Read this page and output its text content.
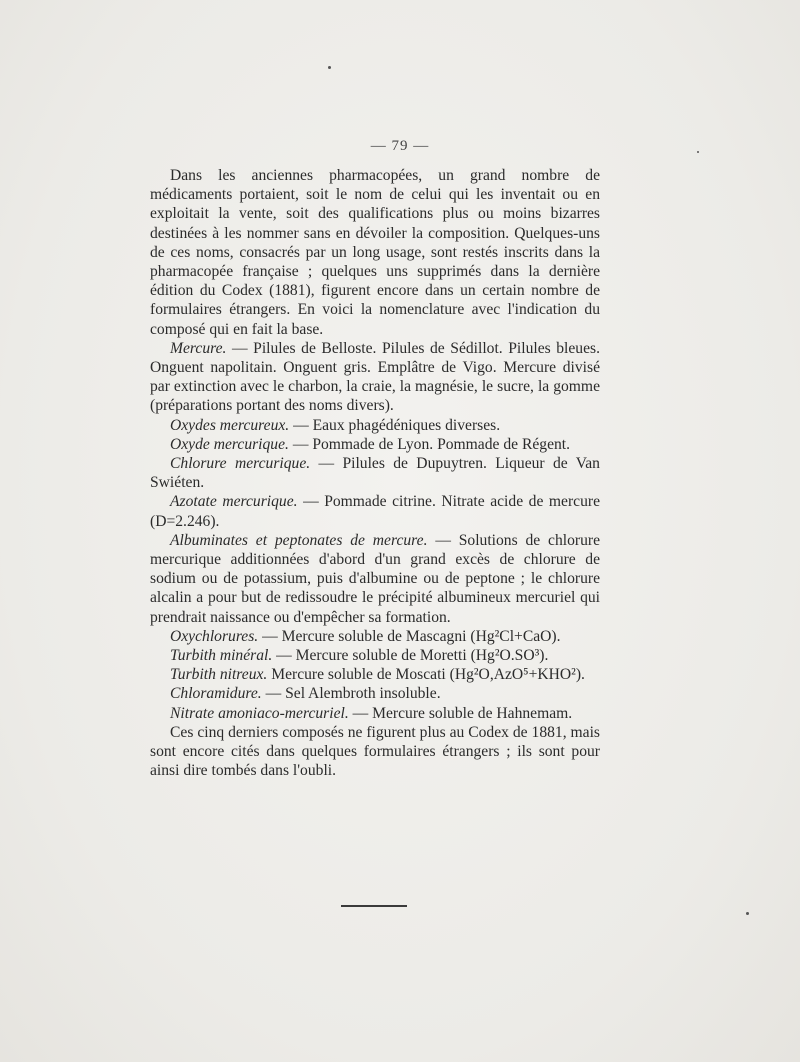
— 79 —

Dans les anciennes pharmacopées, un grand nombre de médicaments portaient, soit le nom de celui qui les inventait ou en exploitait la vente, soit des qualifications plus ou moins bizarres destinées à les nommer sans en dévoiler la composition. Quelques-uns de ces noms, consacrés par un long usage, sont restés inscrits dans la pharmacopée française ; quelques uns supprimés dans la dernière édition du Codex (1881), figurent encore dans un certain nombre de formulaires étrangers. En voici la nomenclature avec l'indication du composé qui en fait la base.

Mercure. — Pilules de Belloste. Pilules de Sédillot. Pilules bleues. Onguent napolitain. Onguent gris. Emplâtre de Vigo. Mercure divisé par extinction avec le charbon, la craie, la magnésie, le sucre, la gomme (préparations portant des noms divers).

Oxydes mercureux. — Eaux phagédéniques diverses.

Oxyde mercurique. — Pommade de Lyon. Pommade de Régent.

Chlorure mercurique. — Pilules de Dupuytren. Liqueur de Van Swiéten.

Azotate mercurique. — Pommade citrine. Nitrate acide de mercure (D=2.246).

Albuminates et peptonates de mercure. — Solutions de chlorure mercurique additionnées d'abord d'un grand excès de chlorure de sodium ou de potassium, puis d'albumine ou de peptone ; le chlorure alcalin a pour but de redissoudre le précipité albumineux mercuriel qui prendrait naissance ou d'empêcher sa formation.

Oxychlorures. — Mercure soluble de Mascagni (Hg²Cl+CaO).

Turbith minéral. — Mercure soluble de Moretti (Hg²O.SO³).

Turbith nitreux. Mercure soluble de Moscati (Hg²O,AzO⁵+KHO²).

Chloramidure. — Sel Alembroth insoluble.

Nitrate amoniaco-mercuriel. — Mercure soluble de Hahnemam.

Ces cinq derniers composés ne figurent plus au Codex de 1881, mais sont encore cités dans quelques formulaires étrangers ; ils sont pour ainsi dire tombés dans l'oubli.
